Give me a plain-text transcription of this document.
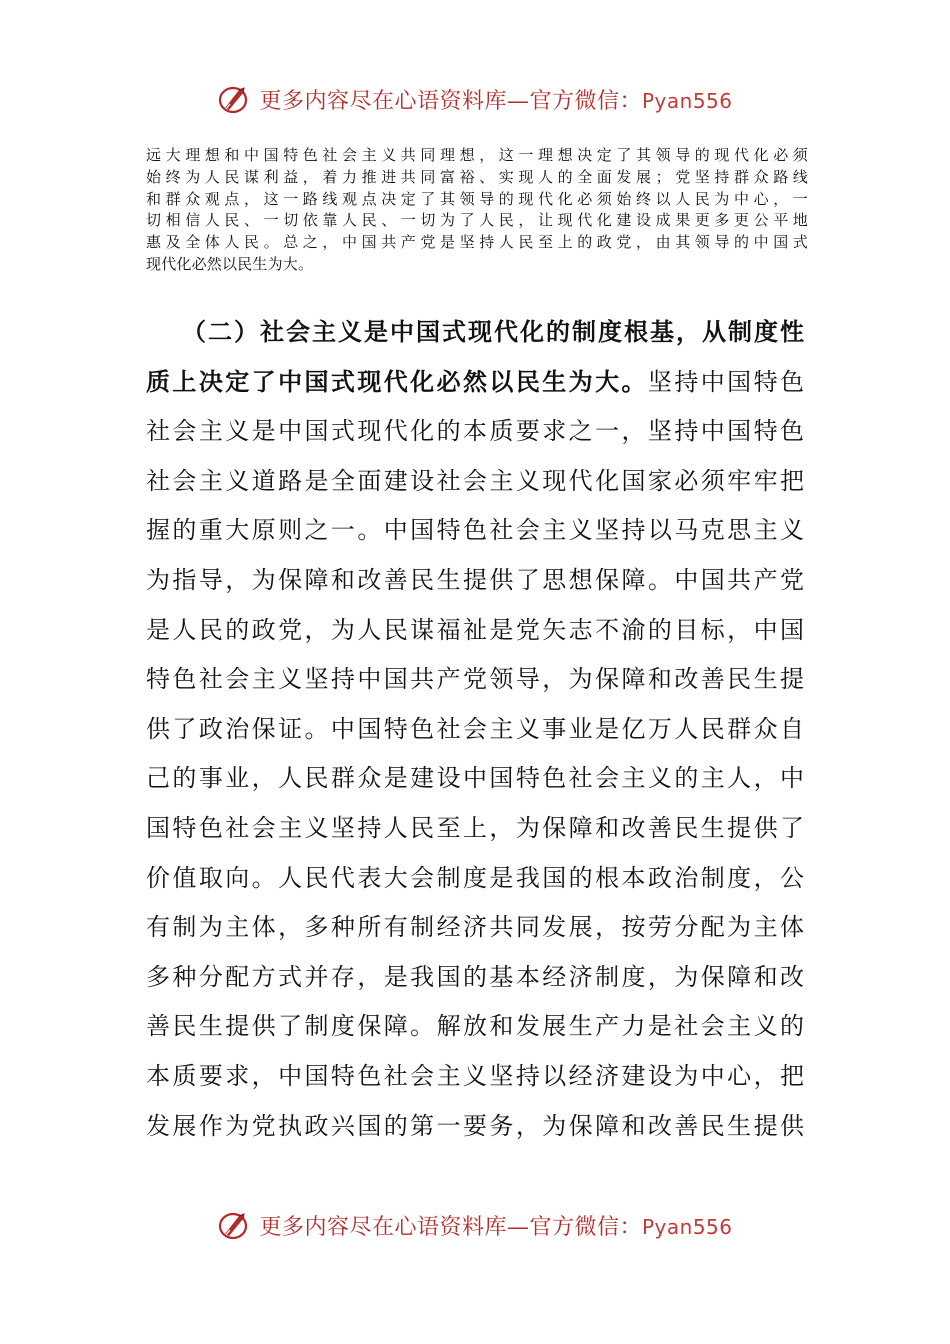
更多内容尽在心语资料库—官方微信：Pyan556
远大理想和中国特色社会主义共同理想，这一理想决定了其领导的现代化必须
始终为人民谋利益，着力推进共同富裕、实现人的全面发展；党坚持群众路线
和群众观点，这一路线观点决定了其领导的现代化必须始终以人民为中心，一
切相信人民、一切依靠人民、一切为了人民，让现代化建设成果更多更公平地
惠及全体人民。总之，中国共产党是坚持人民至上的政党，由其领导的中国式
现代化必然以民生为大。
（二）社会主义是中国式现代化的制度根基，从制度性
质上决定了中国式现代化必然以民生为大。坚持中国特色
社会主义是中国式现代化的本质要求之一，坚持中国特色
社会主义道路是全面建设社会主义现代化国家必须牢牢把
握的重大原则之一。中国特色社会主义坚持以马克思主义
为指导，为保障和改善民生提供了思想保障。中国共产党
是人民的政党，为人民谋福祉是党矢志不渝的目标，中国
特色社会主义坚持中国共产党领导，为保障和改善民生提
供了政治保证。中国特色社会主义事业是亿万人民群众自
己的事业，人民群众是建设中国特色社会主义的主人，中
国特色社会主义坚持人民至上，为保障和改善民生提供了
价值取向。人民代表大会制度是我国的根本政治制度，公
有制为主体，多种所有制经济共同发展，按劳分配为主体
多种分配方式并存，是我国的基本经济制度，为保障和改
善民生提供了制度保障。解放和发展生产力是社会主义的
本质要求，中国特色社会主义坚持以经济建设为中心，把
发展作为党执政兴国的第一要务，为保障和改善民生提供
更多内容尽在心语资料库—官方微信：Pyan556
